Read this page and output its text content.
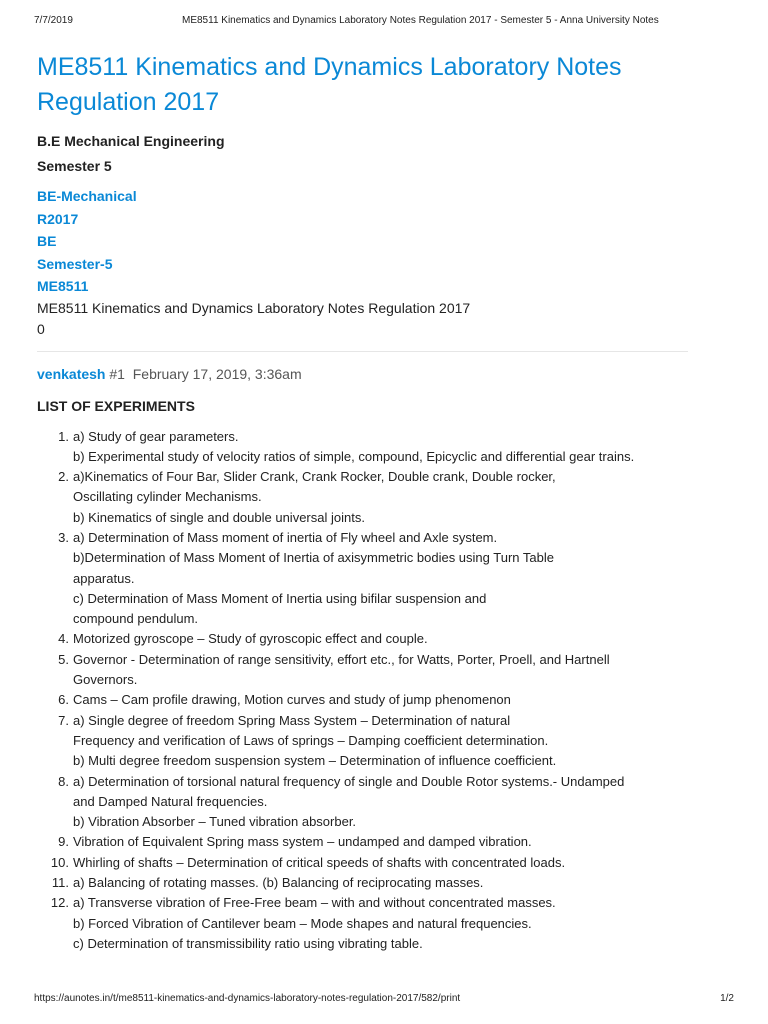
7/7/2019	ME8511 Kinematics and Dynamics Laboratory Notes Regulation 2017 - Semester 5 - Anna University Notes
ME8511 Kinematics and Dynamics Laboratory Notes
Regulation 2017
B.E Mechanical Engineering
Semester 5
BE-Mechanical
R2017
BE
Semester-5
ME8511
ME8511 Kinematics and Dynamics Laboratory Notes Regulation 2017
0
venkatesh #1 February 17, 2019, 3:36am
LIST OF EXPERIMENTS
1. a) Study of gear parameters.
b) Experimental study of velocity ratios of simple, compound, Epicyclic and differential gear trains.
2. a)Kinematics of Four Bar, Slider Crank, Crank Rocker, Double crank, Double rocker,
Oscillating cylinder Mechanisms.
b) Kinematics of single and double universal joints.
3. a) Determination of Mass moment of inertia of Fly wheel and Axle system.
b)Determination of Mass Moment of Inertia of axisymmetric bodies using Turn Table
apparatus.
c) Determination of Mass Moment of Inertia using bifilar suspension and
compound pendulum.
4. Motorized gyroscope – Study of gyroscopic effect and couple.
5. Governor - Determination of range sensitivity, effort etc., for Watts, Porter, Proell, and Hartnell
Governors.
6. Cams – Cam profile drawing, Motion curves and study of jump phenomenon
7. a) Single degree of freedom Spring Mass System – Determination of natural
Frequency and verification of Laws of springs – Damping coefficient determination.
b) Multi degree freedom suspension system – Determination of influence coefficient.
8. a) Determination of torsional natural frequency of single and Double Rotor systems.- Undamped
and Damped Natural frequencies.
b) Vibration Absorber – Tuned vibration absorber.
9. Vibration of Equivalent Spring mass system – undamped and damped vibration.
10. Whirling of shafts – Determination of critical speeds of shafts with concentrated loads.
11. a) Balancing of rotating masses. (b) Balancing of reciprocating masses.
12. a) Transverse vibration of Free-Free beam – with and without concentrated masses.
b) Forced Vibration of Cantilever beam – Mode shapes and natural frequencies.
c) Determination of transmissibility ratio using vibrating table.
https://aunotes.in/t/me8511-kinematics-and-dynamics-laboratory-notes-regulation-2017/582/print	1/2
